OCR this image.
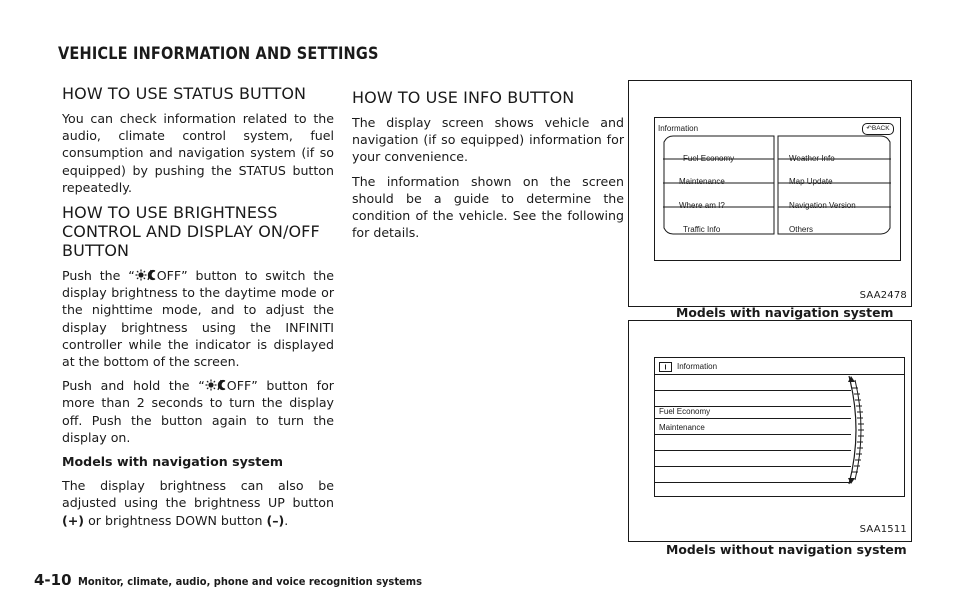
VEHICLE INFORMATION AND SETTINGS
HOW TO USE STATUS BUTTON

You can check information related to the audio, climate control system, fuel consumption and navigation system (if so equipped) by pushing the STATUS button repeatedly.

HOW TO USE BRIGHTNESS CONTROL AND DISPLAY ON/OFF BUTTON

Push the “ OFF” button to switch the display brightness to the daytime mode or the nighttime mode, and to adjust the display brightness using the INFINITI controller while the indicator is displayed at the bottom of the screen.

Push and hold the “ OFF” button for more than 2 seconds to turn the display off. Push the button again to turn the display on.

Models with navigation system

The display brightness can also be adjusted using the brightness UP button (+) or brightness DOWN button (–).

HOW TO USE INFO BUTTON

The display screen shows vehicle and navigation (if so equipped) information for your convenience.

The information shown on the screen should be a guide to determine the condition of the vehicle. See the following for details.

Information	↶BACK
Fuel Economy
Maintenance
Where am I?
Traffic Info
Weather Info
Map Update
Navigation Version
Others
SAA2478
Models with navigation system
Information
Fuel Economy
Maintenance
SAA1511
Models without navigation system
4-10 Monitor, climate, audio, phone and voice recognition systems
